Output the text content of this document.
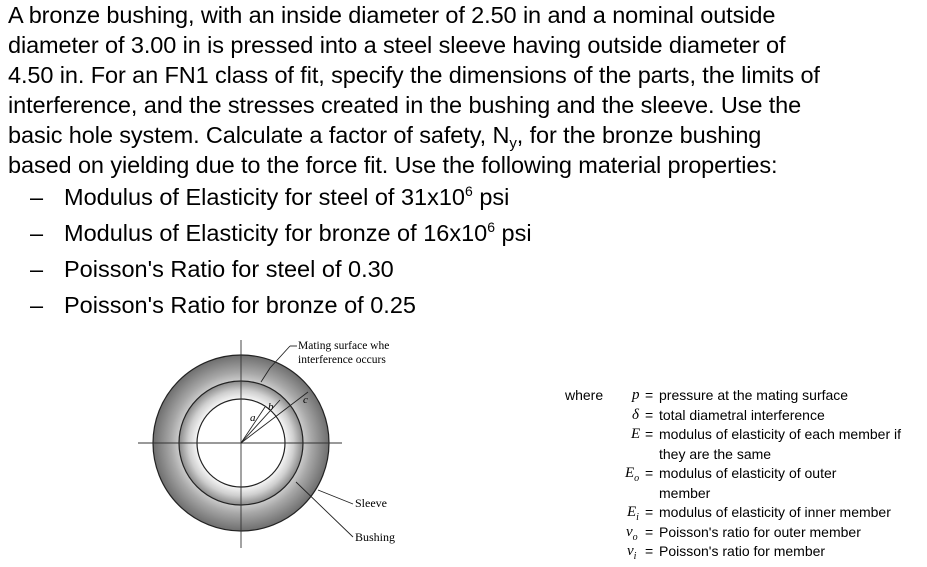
A bronze bushing, with an inside diameter of 2.50 in and a nominal outside
diameter of 3.00 in is pressed into a steel sleeve having outside diameter of
4.50 in. For an FN1 class of fit, specify the dimensions of the parts, the limits of
interference, and the stresses created in the bushing and the sleeve. Use the
basic hole system. Calculate a factor of safety, $N_y$, for the bronze bushing
based on yielding due to the force fit. Use the following material properties:
– Modulus of Elasticity for steel of $31x10^6$ psi
– Modulus of Elasticity for bronze of $16x10^6$ psi
– Poisson's Ratio for steel of 0.30
– Poisson's Ratio for bronze of 0.25
a
b
c
Mating surface whe
interference occurs
Sleeve
Bushing
where p = pressure at the mating surface
δ = total diametral interference
E = modulus of elasticity of each member if
they are the same
$E_o$ = modulus of elasticity of outer
member
$E_i$ = modulus of elasticity of inner member
$\nu_o$ = Poisson's ratio for outer member
$\nu_i$ = Poisson's ratio for member
